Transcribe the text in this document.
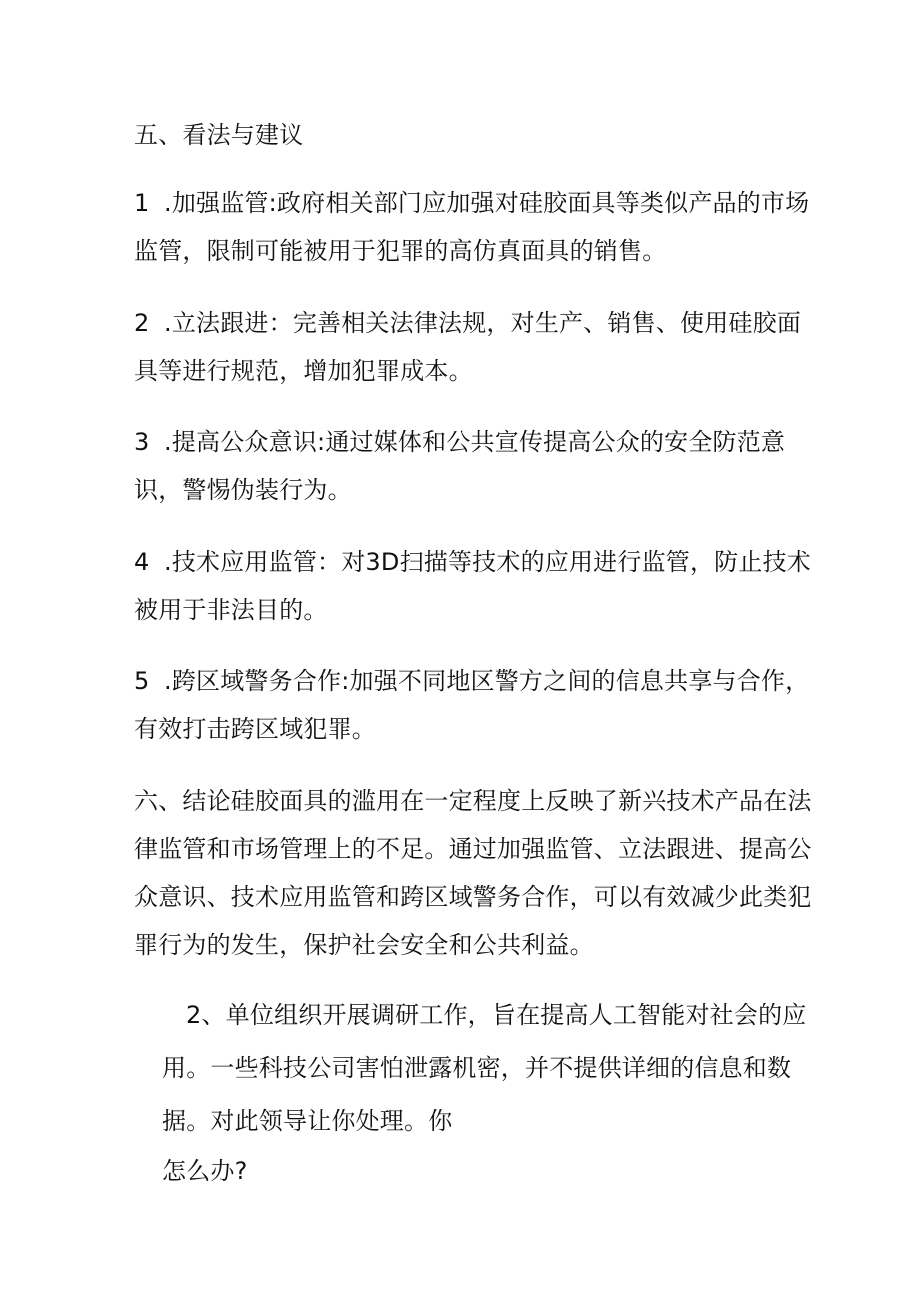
五、看法与建议
1 .加强监管:政府相关部门应加强对硅胶面具等类似产品的市场
监管，限制可能被用于犯罪的高仿真面具的销售。
2 .立法跟进：完善相关法律法规，对生产、销售、使用硅胶面
具等进行规范，增加犯罪成本。
3 .提高公众意识:通过媒体和公共宣传提高公众的安全防范意
识，警惕伪装行为。
4 .技术应用监管：对3D扫描等技术的应用进行监管，防止技术
被用于非法目的。
5 .跨区域警务合作:加强不同地区警方之间的信息共享与合作，
有效打击跨区域犯罪。
六、结论硅胶面具的滥用在一定程度上反映了新兴技术产品在法
律监管和市场管理上的不足。通过加强监管、立法跟进、提高公
众意识、技术应用监管和跨区域警务合作，可以有效减少此类犯
罪行为的发生，保护社会安全和公共利益。
2、单位组织开展调研工作，旨在提高人工智能对社会的应
用。一些科技公司害怕泄露机密，并不提供详细的信息和数
据。对此领导让你处理。你
怎么办?
